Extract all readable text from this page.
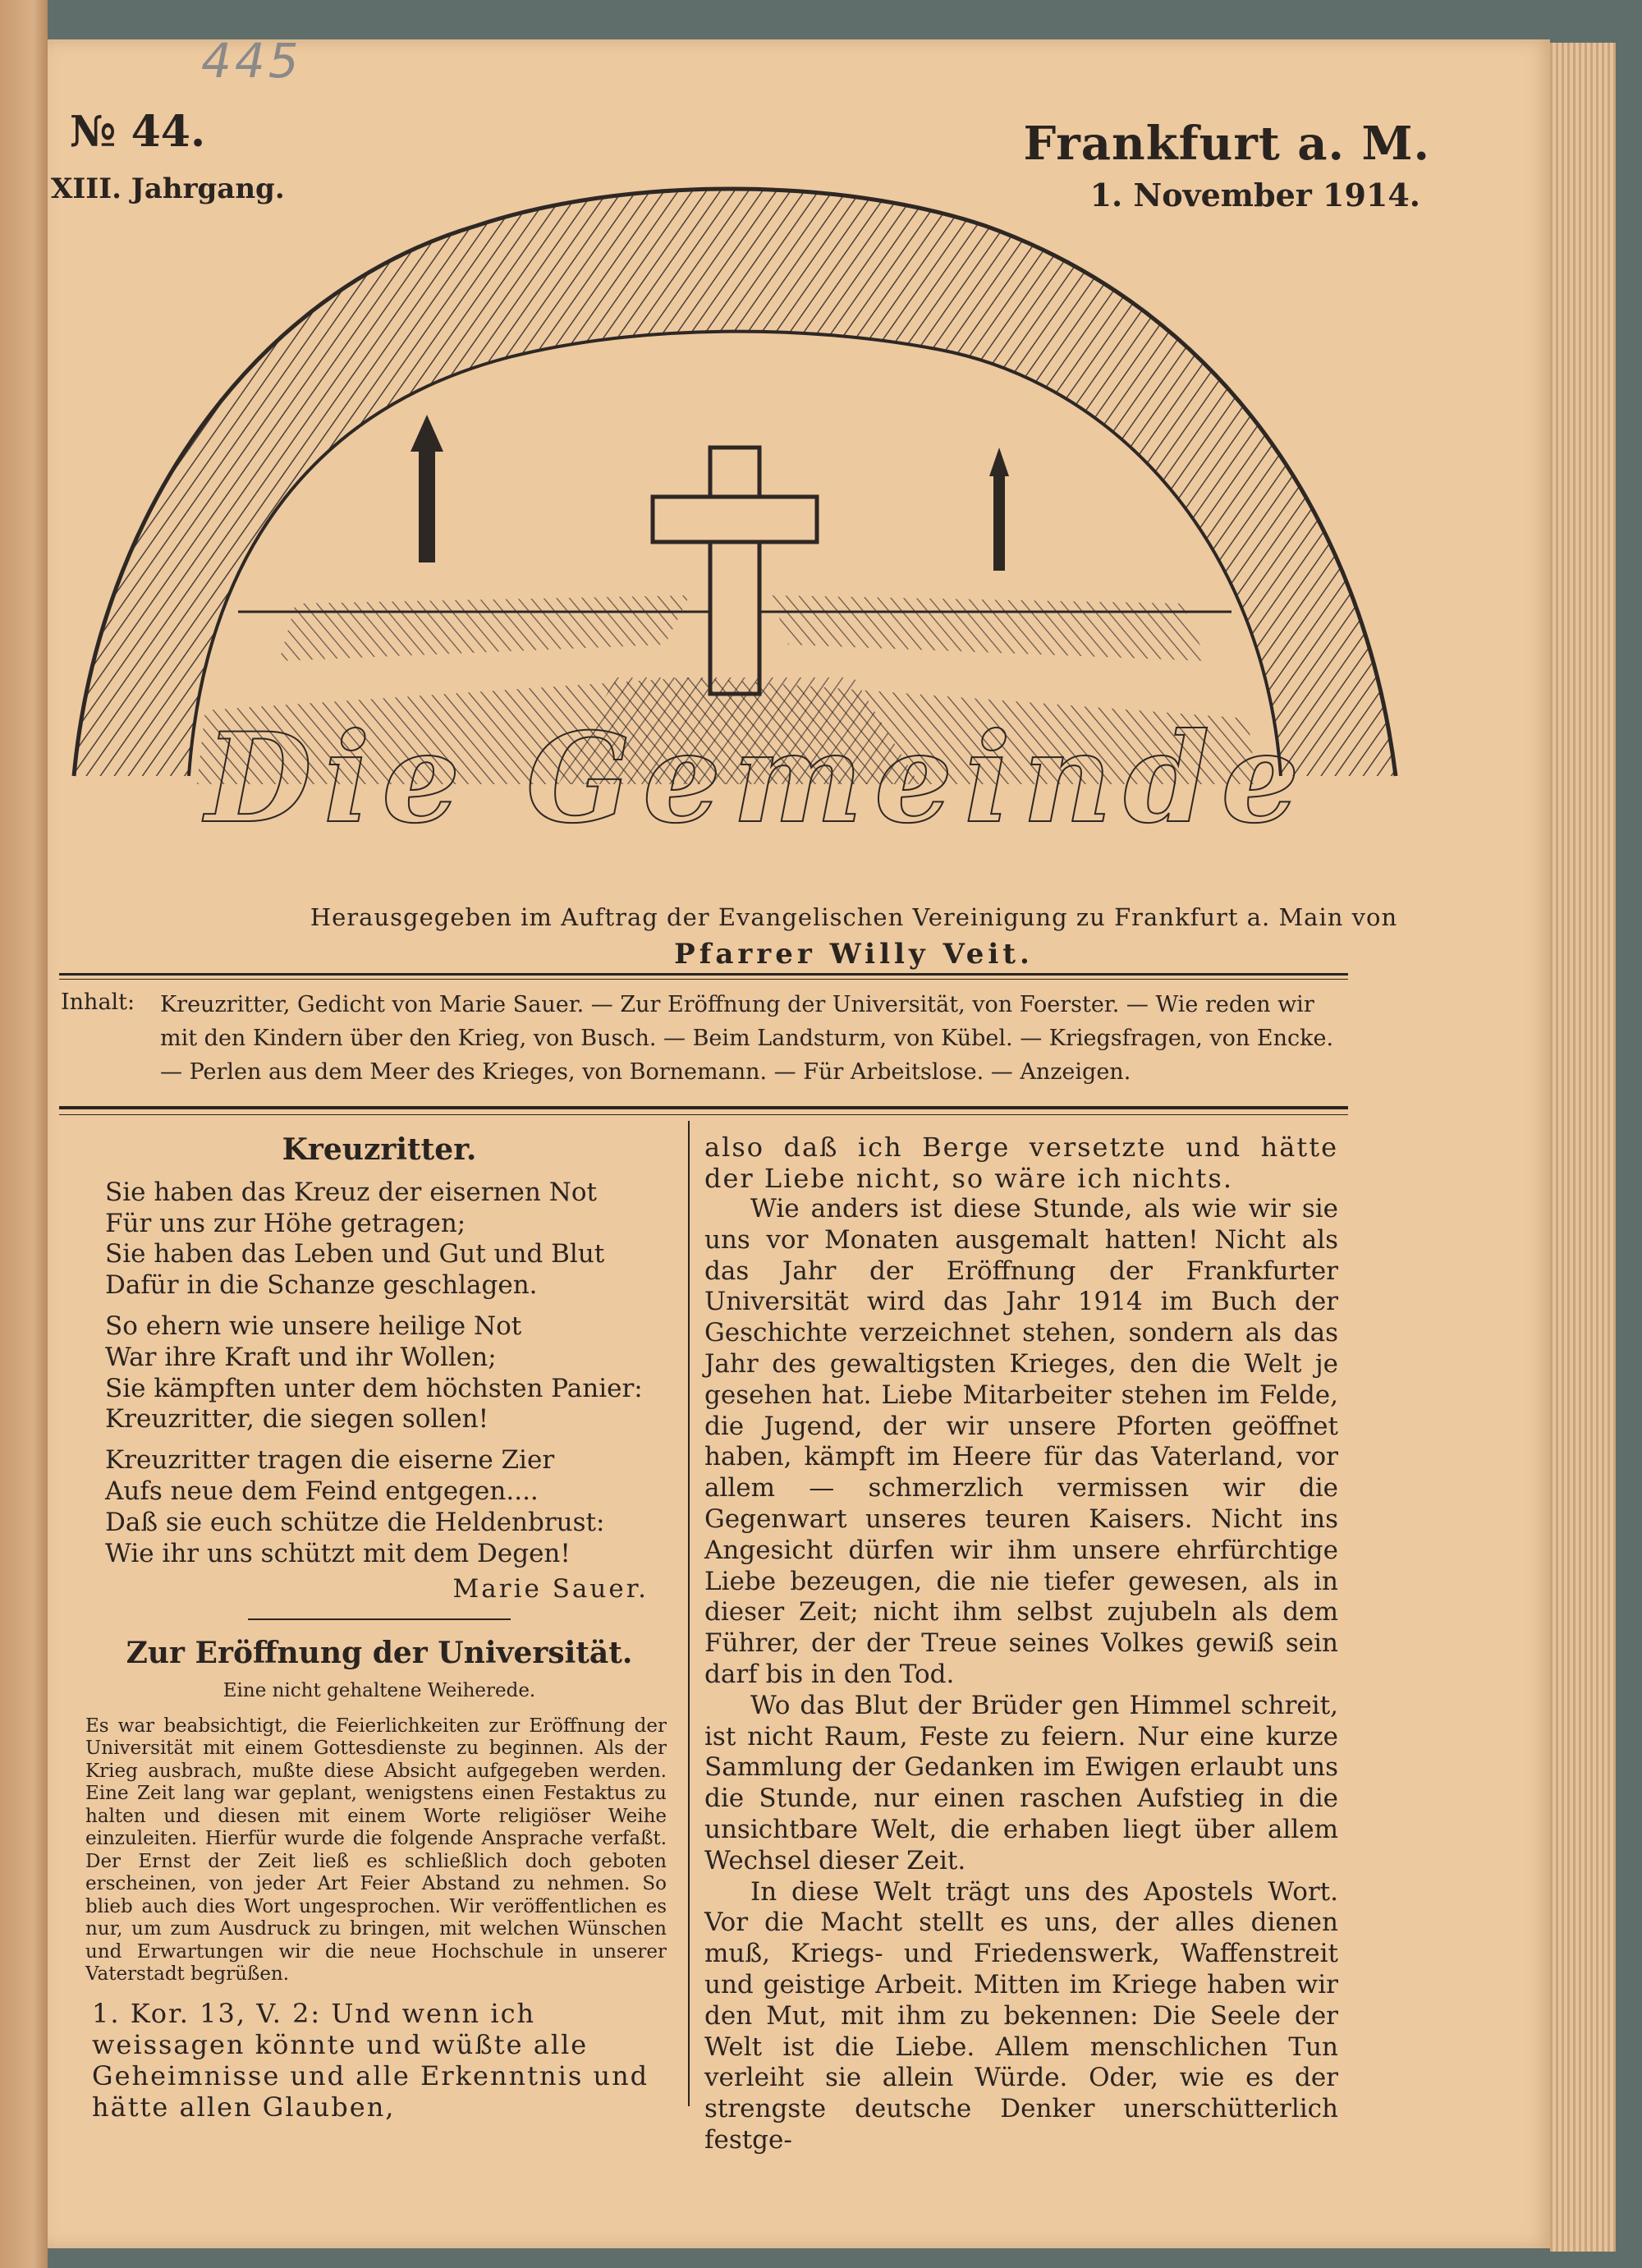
445
№ 44.
XIII. Jahrgang.
Frankfurt a. M.
1. November 1914.
Die Gemeinde
Herausgegeben im Auftrag der Evangelischen Vereinigung zu Frankfurt a. Main von
Pfarrer Willy Veit.
Inhalt: Kreuzritter, Gedicht von Marie Sauer. — Zur Eröffnung der Universität, von Foerster. — Wie reden wir
mit den Kindern über den Krieg, von Busch. — Beim Landsturm, von Kübel. — Kriegsfragen, von Encke.
— Perlen aus dem Meer des Krieges, von Bornemann. — Für Arbeitslose. — Anzeigen.
Kreuzritter.
Sie haben das Kreuz der eisernen Not
Für uns zur Höhe getragen;
Sie haben das Leben und Gut und Blut
Dafür in die Schanze geschlagen.
So ehern wie unsere heilige Not
War ihre Kraft und ihr Wollen;
Sie kämpften unter dem höchsten Panier:
Kreuzritter, die siegen sollen!
Kreuzritter tragen die eiserne Zier
Aufs neue dem Feind entgegen....
Daß sie euch schütze die Heldenbrust:
Wie ihr uns schützt mit dem Degen!
Marie Sauer.
Zur Eröffnung der Universität.
Eine nicht gehaltene Weiherede.
Es war beabsichtigt, die Feierlichkeiten zur Eröffnung der Universität mit einem Gottesdienste zu beginnen. Als der Krieg ausbrach, mußte diese Absicht aufgegeben werden. Eine Zeit lang war geplant, wenigstens einen Festaktus zu halten und diesen mit einem Worte religiöser Weihe einzuleiten. Hierfür wurde die folgende Ansprache verfaßt. Der Ernst der Zeit ließ es schließlich doch geboten erscheinen, von jeder Art Feier Abstand zu nehmen. So blieb auch dies Wort ungesprochen. Wir veröffentlichen es nur, um zum Ausdruck zu bringen, mit welchen Wünschen und Erwartungen wir die neue Hochschule in unserer Vaterstadt begrüßen.
1. Kor. 13, V. 2: Und wenn ich weissagen könnte und wüßte alle Geheimnisse und alle Erkenntnis und hätte allen Glauben,

also daß ich Berge versetzte und hätte der Liebe nicht, so wäre ich nichts.

Wie anders ist diese Stunde, als wie wir sie uns vor Monaten ausgemalt hatten! Nicht als das Jahr der Eröffnung der Frankfurter Universität wird das Jahr 1914 im Buch der Geschichte verzeichnet stehen, sondern als das Jahr des gewaltigsten Krieges, den die Welt je gesehen hat. Liebe Mitarbeiter stehen im Felde, die Jugend, der wir unsere Pforten geöffnet haben, kämpft im Heere für das Vaterland, vor allem — schmerzlich vermissen wir die Gegenwart unseres teuren Kaisers. Nicht ins Angesicht dürfen wir ihm unsere ehrfürchtige Liebe bezeugen, die nie tiefer gewesen, als in dieser Zeit; nicht ihm selbst zujubeln als dem Führer, der der Treue seines Volkes gewiß sein darf bis in den Tod.

Wo das Blut der Brüder gen Himmel schreit, ist nicht Raum, Feste zu feiern. Nur eine kurze Sammlung der Gedanken im Ewigen erlaubt uns die Stunde, nur einen raschen Aufstieg in die unsichtbare Welt, die erhaben liegt über allem Wechsel dieser Zeit.

In diese Welt trägt uns des Apostels Wort. Vor die Macht stellt es uns, der alles dienen muß, Kriegs- und Friedenswerk, Waffenstreit und geistige Arbeit. Mitten im Kriege haben wir den Mut, mit ihm zu bekennen: Die Seele der Welt ist die Liebe. Allem menschlichen Tun verleiht sie allein Würde. Oder, wie es der strengste deutsche Denker unerschütterlich festge-
